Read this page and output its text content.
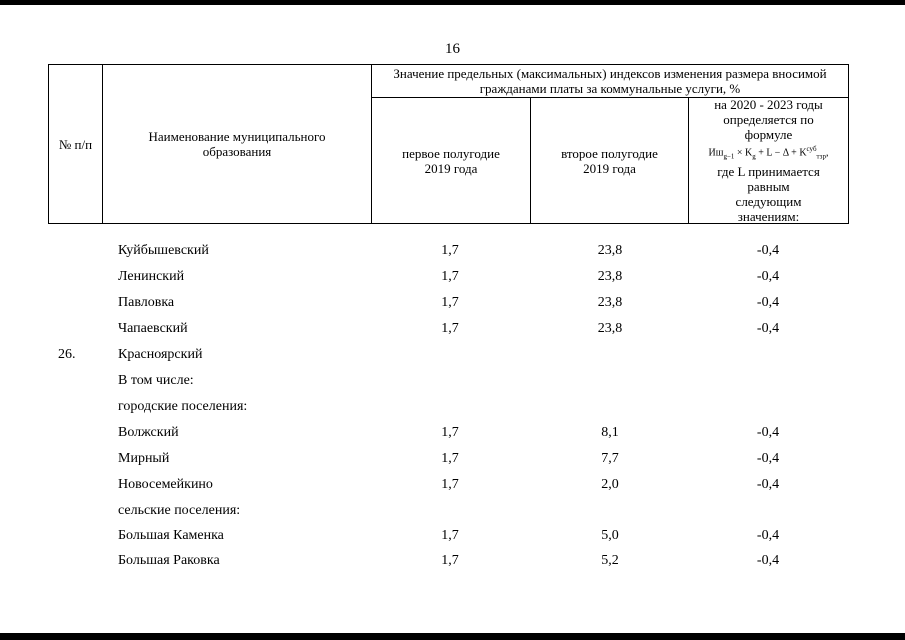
16
№ п/п	Наименование муниципального образования
Значение предельных (максимальных) индексов изменения размера вносимой гражданами платы за коммунальные услуги, %
первое полугодие 2019 года
второе полугодие 2019 года
на 2020 - 2023 годы определяется по формуле
$Иш_{g-1} \times K_g + L - \Delta + K^{суб}_{тзр}$,
где L принимается равным следующим значениям:
Куйбышевский	1,7	23,8	-0,4
Ленинский	1,7	23,8	-0,4
Павловка	1,7	23,8	-0,4
Чапаевский	1,7	23,8	-0,4
26.	Красноярский
В том числе:
городские поселения:
Волжский	1,7	8,1	-0,4
Мирный	1,7	7,7	-0,4
Новосемейкино	1,7	2,0	-0,4
сельские поселения:
Большая Каменка	1,7	5,0	-0,4
Большая Раковка	1,7	5,2	-0,4
